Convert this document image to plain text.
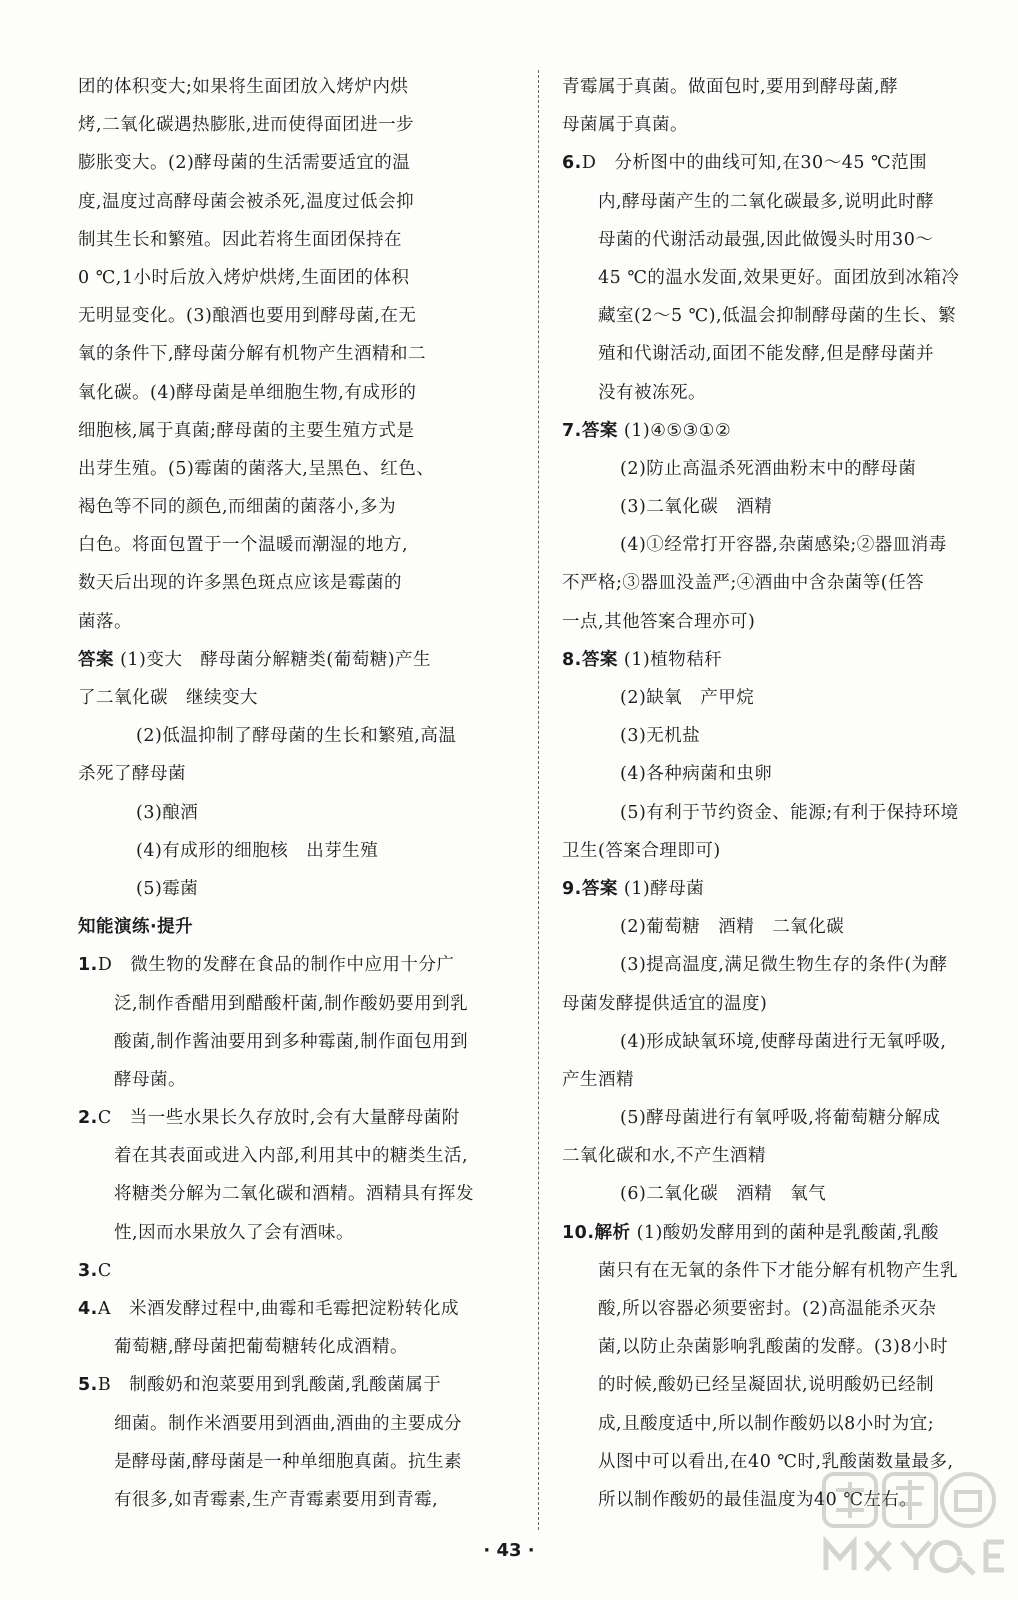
团的体积变大;如果将生面团放入烤炉内烘
烤,二氧化碳遇热膨胀,进而使得面团进一步
膨胀变大。(2)酵母菌的生活需要适宜的温
度,温度过高酵母菌会被杀死,温度过低会抑
制其生长和繁殖。因此若将生面团保持在
0 ℃,1小时后放入烤炉烘烤,生面团的体积
无明显变化。(3)酿酒也要用到酵母菌,在无
氧的条件下,酵母菌分解有机物产生酒精和二
氧化碳。(4)酵母菌是单细胞生物,有成形的
细胞核,属于真菌;酵母菌的主要生殖方式是
出芽生殖。(5)霉菌的菌落大,呈黑色、红色、
褐色等不同的颜色,而细菌的菌落小,多为
白色。将面包置于一个温暖而潮湿的地方,
数天后出现的许多黑色斑点应该是霉菌的
菌落。
答案 (1)变大　酵母菌分解糖类(葡萄糖)产生
了二氧化碳　继续变大
(2)低温抑制了酵母菌的生长和繁殖,高温
杀死了酵母菌
(3)酿酒
(4)有成形的细胞核　出芽生殖
(5)霉菌
知能演练·提升
1.D　微生物的发酵在食品的制作中应用十分广
泛,制作香醋用到醋酸杆菌,制作酸奶要用到乳
酸菌,制作酱油要用到多种霉菌,制作面包用到
酵母菌。
2.C　当一些水果长久存放时,会有大量酵母菌附
着在其表面或进入内部,利用其中的糖类生活,
将糖类分解为二氧化碳和酒精。酒精具有挥发
性,因而水果放久了会有酒味。
3.C
4.A　米酒发酵过程中,曲霉和毛霉把淀粉转化成
葡萄糖,酵母菌把葡萄糖转化成酒精。
5.B　制酸奶和泡菜要用到乳酸菌,乳酸菌属于
细菌。制作米酒要用到酒曲,酒曲的主要成分
是酵母菌,酵母菌是一种单细胞真菌。抗生素
有很多,如青霉素,生产青霉素要用到青霉,
青霉属于真菌。做面包时,要用到酵母菌,酵
母菌属于真菌。
6.D　分析图中的曲线可知,在30～45 ℃范围
内,酵母菌产生的二氧化碳最多,说明此时酵
母菌的代谢活动最强,因此做馒头时用30～
45 ℃的温水发面,效果更好。面团放到冰箱冷
藏室(2～5 ℃),低温会抑制酵母菌的生长、繁
殖和代谢活动,面团不能发酵,但是酵母菌并
没有被冻死。
7.答案 (1)④⑤③①②
(2)防止高温杀死酒曲粉末中的酵母菌
(3)二氧化碳　酒精
(4)①经常打开容器,杂菌感染;②器皿消毒
不严格;③器皿没盖严;④酒曲中含杂菌等(任答
一点,其他答案合理亦可)
8.答案 (1)植物秸秆
(2)缺氧　产甲烷
(3)无机盐
(4)各种病菌和虫卵
(5)有利于节约资金、能源;有利于保持环境
卫生(答案合理即可)
9.答案 (1)酵母菌
(2)葡萄糖　酒精　二氧化碳
(3)提高温度,满足微生物生存的条件(为酵
母菌发酵提供适宜的温度)
(4)形成缺氧环境,使酵母菌进行无氧呼吸,
产生酒精
(5)酵母菌进行有氧呼吸,将葡萄糖分解成
二氧化碳和水,不产生酒精
(6)二氧化碳　酒精　氧气
10.解析 (1)酸奶发酵用到的菌种是乳酸菌,乳酸
菌只有在无氧的条件下才能分解有机物产生乳
酸,所以容器必须要密封。(2)高温能杀灭杂
菌,以防止杂菌影响乳酸菌的发酵。(3)8小时
的时候,酸奶已经呈凝固状,说明酸奶已经制
成,且酸度适中,所以制作酸奶以8小时为宜;
从图中可以看出,在40 ℃时,乳酸菌数量最多,
所以制作酸奶的最佳温度为40 ℃左右。
· 43 ·
